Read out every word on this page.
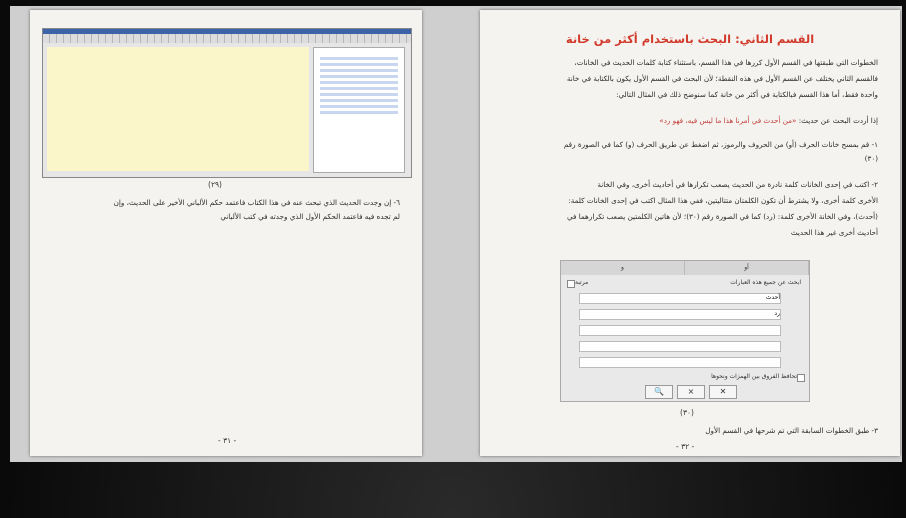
(٢٩)
٦- إن وجدت الحديث الذي تبحث عنه في هذا الكتاب فاعتمد حكم الألباني الأخير على الحديث، وإن
لم تجده فيه فاعتمد الحكم الأول الذي وجدته في كتب الألباني
- ٣١ -
القسم الثاني: البحث باستخدام أكثر من خانة
الخطوات التي طبقتها في القسم الأول كررها في هذا القسم، باستثناء كتابة كلمات الحديث في الخانات،
فالقسم الثاني يختلف عن القسم الأول في هذه النقطة؛ لأن البحث في القسم الأول يكون بالكتابة في خانة
واحدة فقط، أما هذا القسم فبالكتابة في أكثر من خانة كما سنوضح ذلك في المثال التالي:
إذا أردت البحث عن حديث: «من أحدث في أمرنا هذا ما ليس فيه، فهو رد»
١- قم بمسح خانات الحرف (أو) من الحروف والرموز، ثم اضغط عن طريق الحرف (و) كما في الصورة رقم
(٣٠)
٢- اكتب في إحدى الخانات كلمة نادرة من الحديث يصعب تكرارها في أحاديث أخرى، وفي الخانة
الأخرى كلمة أخرى، ولا يشترط أن تكون الكلمتان متتاليتين، ففي هذا المثال اكتب في إحدى الخانات كلمة:
(أحدث)، وفي الخانة الأخرى كلمة: (رد) كما في الصورة رقم (٣٠)؛ لأن هاتين الكلمتين يصعب تكرارهما في
أحاديث أخرى غير هذا الحديث
أو
و
ابحث عن جميع هذه العبارات
مرتبة
أحدث
رد
تحافظ الفروق بين الهمزات ونحوها
✕
×
🔍
(٣٠)
٣- طبق الخطوات السابقة التي تم شرحها في القسم الأول
- ٣٢ -
